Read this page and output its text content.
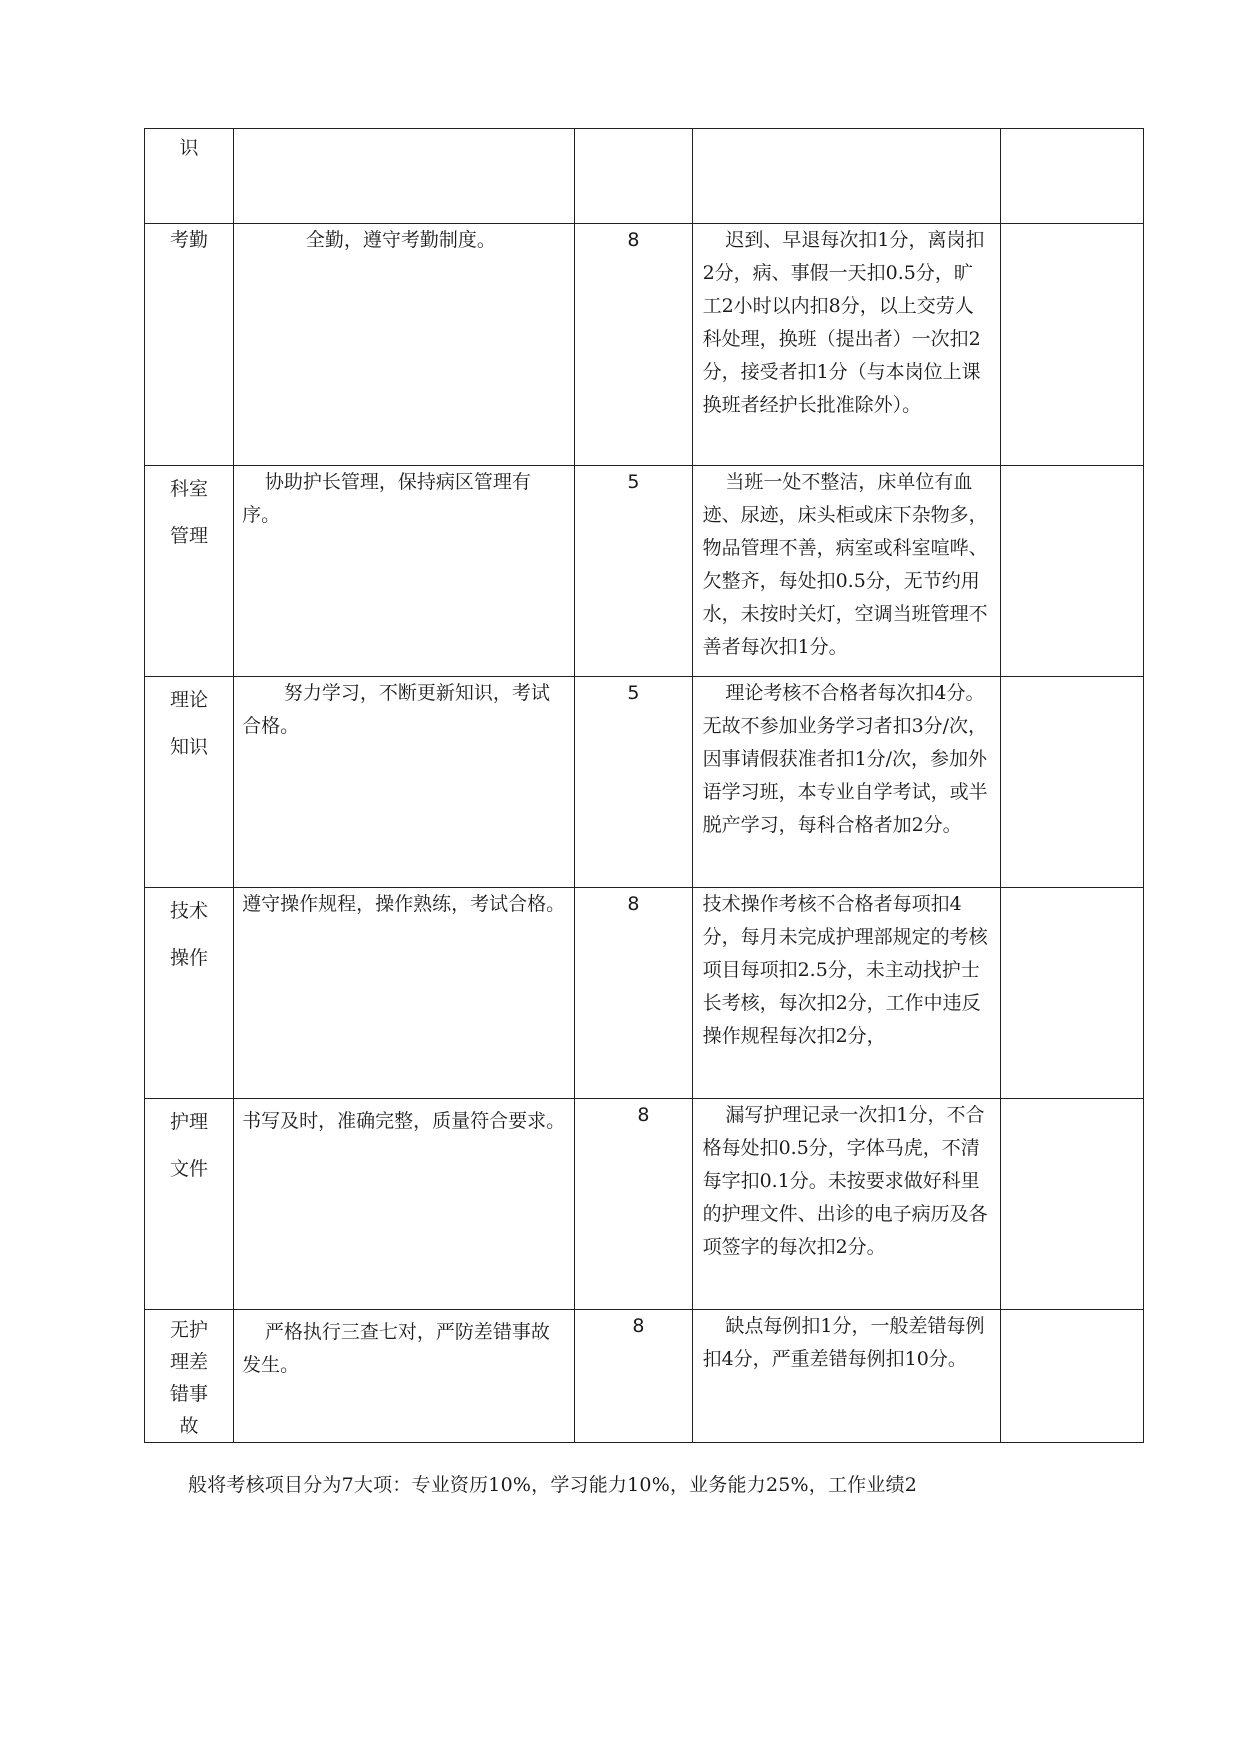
识				
考勤	全勤，遵守考勤制度。	8	迟到、早退每次扣1分，离岗扣2分，病、事假一天扣0.5分，旷工2小时以内扣8分，以上交劳人科处理，换班（提出者）一次扣2分，接受者扣1分（与本岗位上课换班者经护长批准除外）。	

科室管理	协助护长管理，保持病区管理有序。	5	当班一处不整洁，床单位有血迹、尿迹，床头柜或床下杂物多，物品管理不善，病室或科室喧哗、欠整齐，每处扣0.5分，无节约用水，未按时关灯，空调当班管理不善者每次扣1分。	

理论知识	努力学习，不断更新知识，考试合格。	5	理论考核不合格者每次扣4分。无故不参加业务学习者扣3分/次，因事请假获准者扣1分/次，参加外语学习班，本专业自学考试，或半脱产学习，每科合格者加2分。	

技术操作	遵守操作规程，操作熟练，考试合格。	8	技术操作考核不合格者每项扣4分，每月未完成护理部规定的考核项目每项扣2.5分，未主动找护士长考核，每次扣2分，工作中违反操作规程每次扣2分，	

护理文件	书写及时，准确完整，质量符合要求。	8	漏写护理记录一次扣1分，不合格每处扣0.5分，字体马虎，不清每字扣0.1分。未按要求做好科里的护理文件、出诊的电子病历及各项签字的每次扣2分。	

无护理差错事故	严格执行三查七对，严防差错事故发生。	8	缺点每例扣1分，一般差错每例扣4分，严重差错每例扣10分。	
般将考核项目分为7大项：专业资历10%，学习能力10%，业务能力25%，工作业绩2
